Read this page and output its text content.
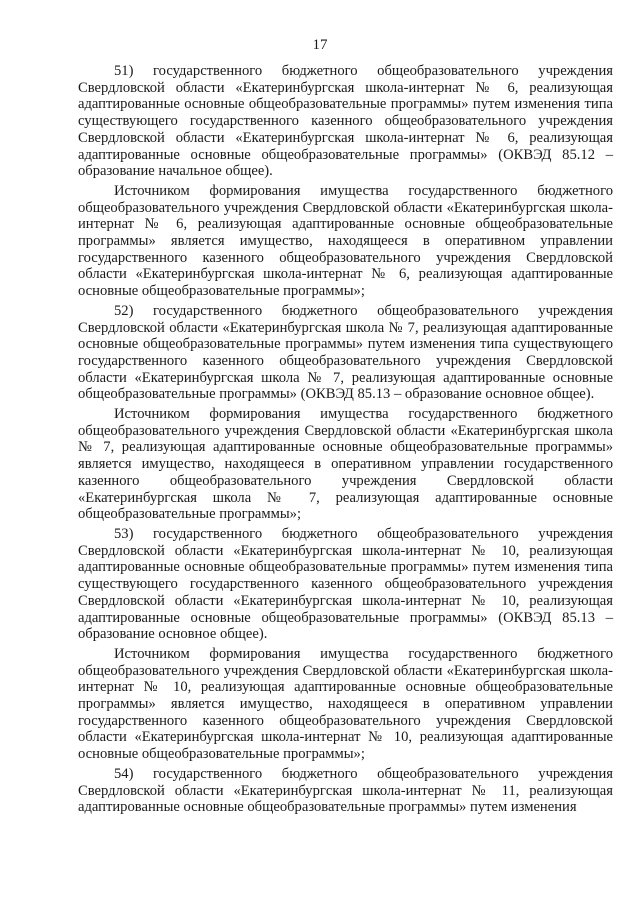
17

51) государственного бюджетного общеобразовательного учреждения Свердловской области «Екатеринбургская школа-интернат № 6, реализующая адаптированные основные общеобразовательные программы» путем изменения типа существующего государственного казенного общеобразовательного учреждения Свердловской области «Екатеринбургская школа-интернат № 6, реализующая адаптированные основные общеобразовательные программы» (ОКВЭД 85.12 – образование начальное общее).

Источником формирования имущества государственного бюджетного общеобразовательного учреждения Свердловской области «Екатеринбургская школа-интернат № 6, реализующая адаптированные основные общеобразовательные программы» является имущество, находящееся в оперативном управлении государственного казенного общеобразовательного учреждения Свердловской области «Екатеринбургская школа-интернат № 6, реализующая адаптированные основные общеобразовательные программы»;

52) государственного бюджетного общеобразовательного учреждения Свердловской области «Екатеринбургская школа № 7, реализующая адаптированные основные общеобразовательные программы» путем изменения типа существующего государственного казенного общеобразовательного учреждения Свердловской области «Екатеринбургская школа № 7, реализующая адаптированные основные общеобразовательные программы» (ОКВЭД 85.13 – образование основное общее).

Источником формирования имущества государственного бюджетного общеобразовательного учреждения Свердловской области «Екатеринбургская школа № 7, реализующая адаптированные основные общеобразовательные программы» является имущество, находящееся в оперативном управлении государственного казенного общеобразовательного учреждения Свердловской области «Екатеринбургская школа № 7, реализующая адаптированные основные общеобразовательные программы»;

53) государственного бюджетного общеобразовательного учреждения Свердловской области «Екатеринбургская школа-интернат № 10, реализующая адаптированные основные общеобразовательные программы» путем изменения типа существующего государственного казенного общеобразовательного учреждения Свердловской области «Екатеринбургская школа-интернат № 10, реализующая адаптированные основные общеобразовательные программы» (ОКВЭД 85.13 – образование основное общее).

Источником формирования имущества государственного бюджетного общеобразовательного учреждения Свердловской области «Екатеринбургская школа-интернат № 10, реализующая адаптированные основные общеобразовательные программы» является имущество, находящееся в оперативном управлении государственного казенного общеобразовательного учреждения Свердловской области «Екатеринбургская школа-интернат № 10, реализующая адаптированные основные общеобразовательные программы»;

54) государственного бюджетного общеобразовательного учреждения Свердловской области «Екатеринбургская школа-интернат № 11, реализующая адаптированные основные общеобразовательные программы» путем изменения
